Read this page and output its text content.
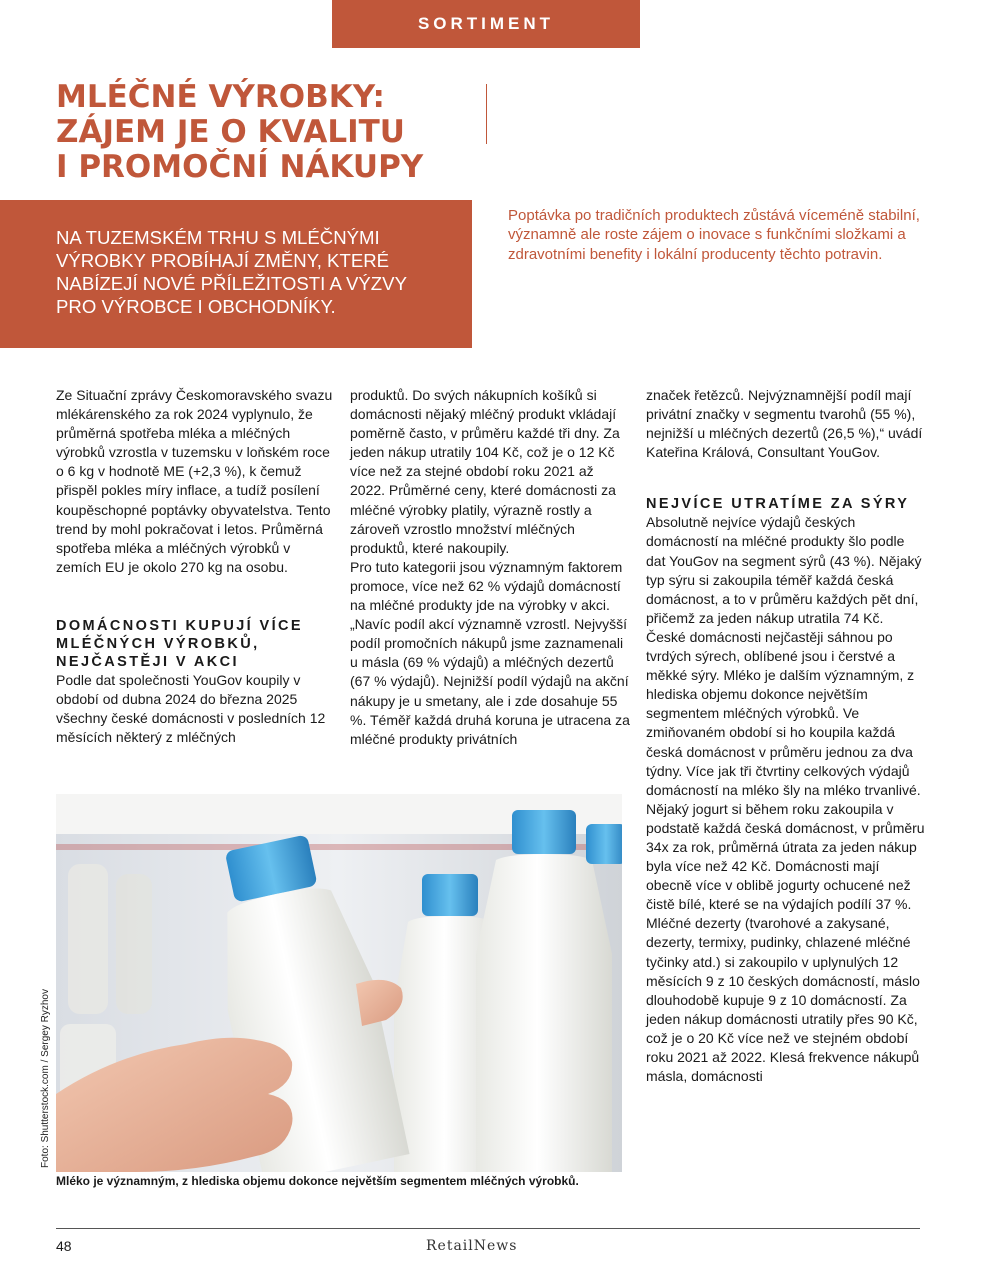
SORTIMENT
MLÉČNÉ VÝROBKY:
ZÁJEM JE O KVALITU
I PROMOČNÍ NÁKUPY

NA TUZEMSKÉM TRHU S MLÉČNÝMI VÝROBKY PROBÍHAJÍ ZMĚNY, KTERÉ NABÍZEJÍ NOVÉ PŘÍLEŽITOSTI A VÝZVY PRO VÝROBCE I OBCHODNÍKY.

Poptávka po tradičních produktech zůstává víceméně stabilní, významně ale roste zájem o inovace s funkčními složkami a zdravotními benefity i lokální producenty těchto potravin.

Ze Situační zprávy Českomoravského svazu mlékárenského za rok 2024 vyplynulo, že průměrná spotřeba mléka a mléčných výrobků vzrostla v tuzemsku v loňském roce o 6 kg v hodnotě ME (+2,3 %), k čemuž přispěl pokles míry inflace, a tudíž posílení koupěschopné poptávky obyvatelstva. Tento trend by mohl pokračovat i letos. Průměrná spotřeba mléka a mléčných výrobků v zemích EU je okolo 270 kg na osobu.

DOMÁCNOSTI KUPUJÍ VÍCE MLÉČNÝCH VÝROBKŮ, NEJČASTĚJI V AKCI

Podle dat společnosti YouGov koupily v období od dubna 2024 do března 2025 všechny české domácnosti v posledních 12 měsících některý z mléčných

produktů. Do svých nákupních košíků si domácnosti nějaký mléčný produkt vkládají poměrně často, v průměru každé tři dny. Za jeden nákup utratily 104 Kč, což je o 12 Kč více než za stejné období roku 2021 až 2022. Průměrné ceny, které domácnosti za mléčné výrobky platily, výrazně rostly a zároveň vzrostlo množství mléčných produktů, které nakoupily.

Pro tuto kategorii jsou významným faktorem promoce, více než 62 % výdajů domácností na mléčné produkty jde na výrobky v akci. „Navíc podíl akcí významně vzrostl. Nejvyšší podíl promočních nákupů jsme zaznamenali u másla (69 % výdajů) a mléčných dezertů (67 % výdajů). Nejnižší podíl výdajů na akční nákupy je u smetany, ale i zde dosahuje 55 %. Téměř každá druhá koruna je utracena za mléčné produkty privátních

značek řetězců. Nejvýznamnější podíl mají privátní značky v segmentu tvarohů (55 %), nejnižší u mléčných dezertů (26,5 %),“ uvádí Kateřina Králová, Consultant YouGov.

NEJVÍCE UTRATÍME ZA SÝRY

Absolutně nejvíce výdajů českých domácností na mléčné produkty šlo podle dat YouGov na segment sýrů (43 %). Nějaký typ sýru si zakoupila téměř každá česká domácnost, a to v průměru každých pět dní, přičemž za jeden nákup utratila 74 Kč. České domácnosti nejčastěji sáhnou po tvrdých sýrech, oblíbené jsou i čerstvé a měkké sýry. Mléko je dalším významným, z hlediska objemu dokonce největším segmentem mléčných výrobků. Ve zmiňovaném období si ho koupila každá česká domácnost v průměru jednou za dva týdny. Více jak tři čtvrtiny celkových výdajů domácností na mléko šly na mléko trvanlivé.

Nějaký jogurt si během roku zakoupila v podstatě každá česká domácnost, v průměru 34x za rok, průměrná útrata za jeden nákup byla více než 42 Kč. Domácnosti mají obecně více v oblibě jogurty ochucené než čistě bílé, které se na výdajích podílí 37 %. Mléčné dezerty (tvarohové a zakysané, dezerty, termixy, pudinky, chlazené mléčné tyčinky atd.) si zakoupilo v uplynulých 12 měsících 9 z 10 českých domácností, máslo dlouhodobě kupuje 9 z 10 domácností. Za jeden nákup domácnosti utratily přes 90 Kč, což je o 20 Kč více než ve stejném období roku 2021 až 2022. Klesá frekvence nákupů másla, domácnosti

Foto: Shutterstock.com / Sergey Ryzhov

Mléko je významným, z hlediska objemu dokonce největším segmentem mléčných výrobků.

48	RetailNews
